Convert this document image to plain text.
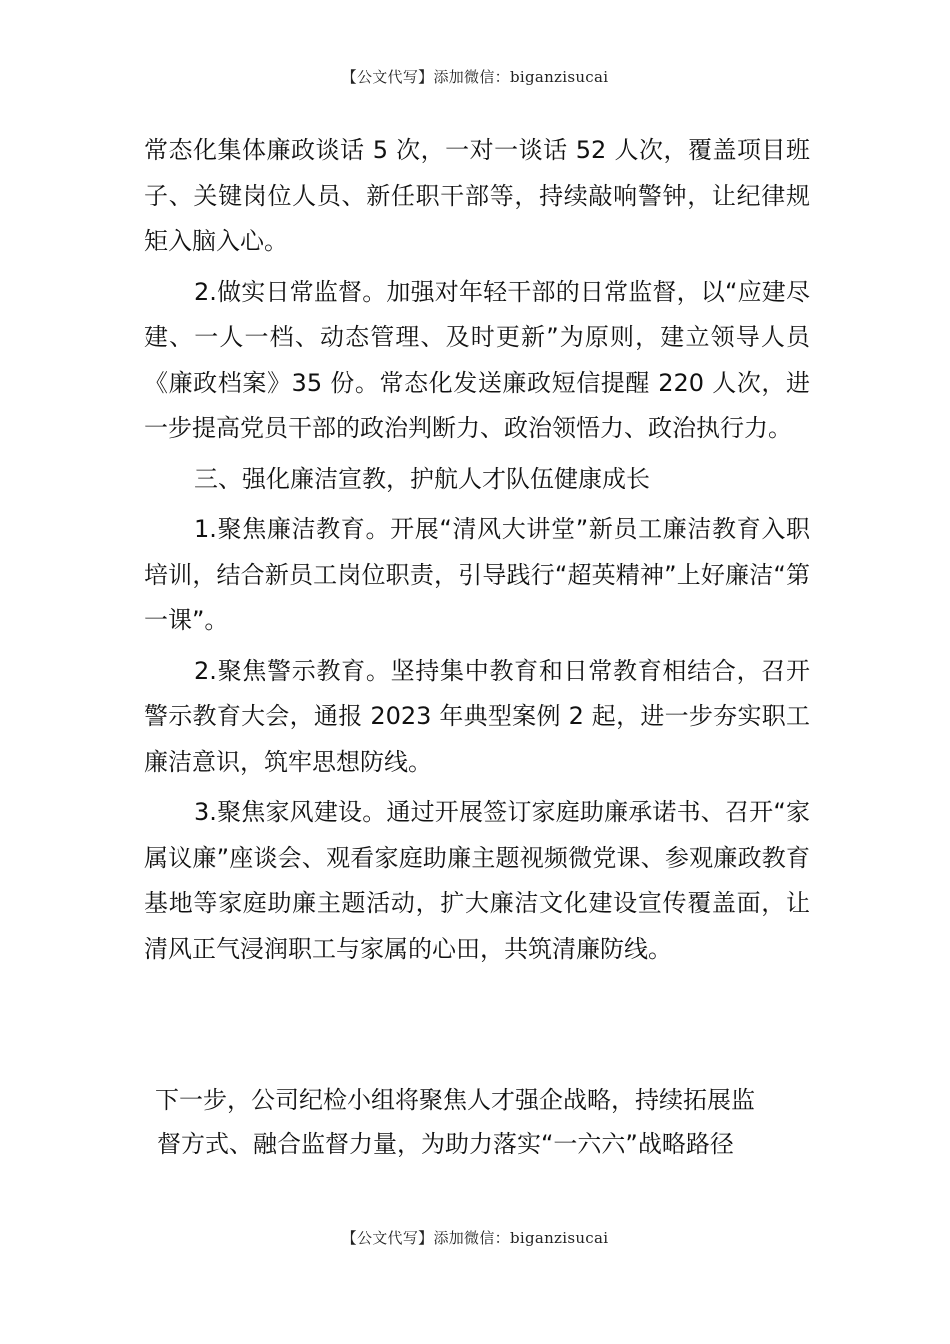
【公文代写】添加微信：biganzisucai

常态化集体廉政谈话 5 次，一对一谈话 52 人次，覆盖项目班子、关键岗位人员、新任职干部等，持续敲响警钟，让纪律规矩入脑入心。

2.做实日常监督。加强对年轻干部的日常监督，以“应建尽建、一人一档、动态管理、及时更新”为原则，建立领导人员《廉政档案》35 份。常态化发送廉政短信提醒 220 人次，进一步提高党员干部的政治判断力、政治领悟力、政治执行力。

三、强化廉洁宣教，护航人才队伍健康成长

1.聚焦廉洁教育。开展“清风大讲堂”新员工廉洁教育入职培训，结合新员工岗位职责，引导践行“超英精神”上好廉洁“第一课”。

2.聚焦警示教育。坚持集中教育和日常教育相结合，召开警示教育大会，通报 2023 年典型案例 2 起，进一步夯实职工廉洁意识，筑牢思想防线。

3.聚焦家风建设。通过开展签订家庭助廉承诺书、召开“家属议廉”座谈会、观看家庭助廉主题视频微党课、参观廉政教育基地等家庭助廉主题活动，扩大廉洁文化建设宣传覆盖面，让清风正气浸润职工与家属的心田，共筑清廉防线。

下一步，公司纪检小组将聚焦人才强企战略，持续拓展监
督方式、融合监督力量，为助力落实“一六六”战略路径
【公文代写】添加微信：biganzisucai
